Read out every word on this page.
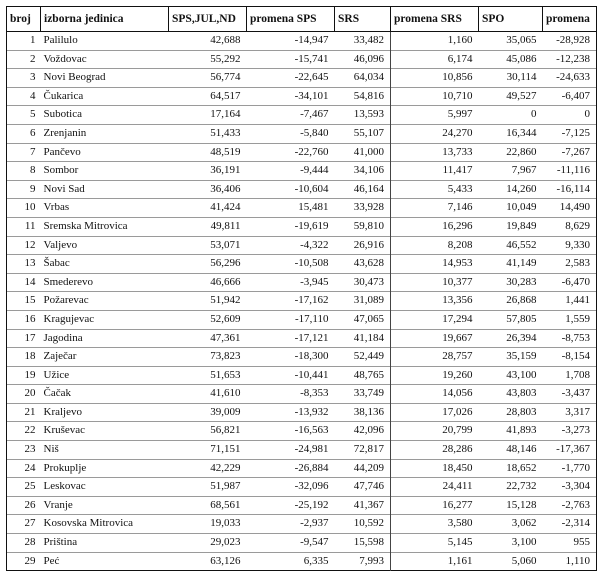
broj	izborna jedinica	SPS,JUL,ND	promena SPS	SRS	promena SRS	SPO	promena
1	Palilulo	42,688	-14,947	33,482	1,160	35,065	-28,928
2	Voždovac	55,292	-15,741	46,096	6,174	45,086	-12,238
3	Novi Beograd	56,774	-22,645	64,034	10,856	30,114	-24,633
4	Čukarica	64,517	-34,101	54,816	10,710	49,527	-6,407
5	Subotica	17,164	-7,467	13,593	5,997	0	0
6	Zrenjanin	51,433	-5,840	55,107	24,270	16,344	-7,125
7	Pančevo	48,519	-22,760	41,000	13,733	22,860	-7,267
8	Sombor	36,191	-9,444	34,106	11,417	7,967	-11,116
9	Novi Sad	36,406	-10,604	46,164	5,433	14,260	-16,114
10	Vrbas	41,424	15,481	33,928	7,146	10,049	14,490
11	Sremska Mitrovica	49,811	-19,619	59,810	16,296	19,849	8,629
12	Valjevo	53,071	-4,322	26,916	8,208	46,552	9,330
13	Šabac	56,296	-10,508	43,628	14,953	41,149	2,583
14	Smederevo	46,666	-3,945	30,473	10,377	30,283	-6,470
15	Požarevac	51,942	-17,162	31,089	13,356	26,868	1,441
16	Kragujevac	52,609	-17,110	47,065	17,294	57,805	1,559
17	Jagodina	47,361	-17,121	41,184	19,667	26,394	-8,753
18	Zaječar	73,823	-18,300	52,449	28,757	35,159	-8,154
19	Užice	51,653	-10,441	48,765	19,260	43,100	1,708
20	Čačak	41,610	-8,353	33,749	14,056	43,803	-3,437
21	Kraljevo	39,009	-13,932	38,136	17,026	28,803	3,317
22	Kruševac	56,821	-16,563	42,096	20,799	41,893	-3,273
23	Niš	71,151	-24,981	72,817	28,286	48,146	-17,367
24	Prokuplje	42,229	-26,884	44,209	18,450	18,652	-1,770
25	Leskovac	51,987	-32,096	47,746	24,411	22,732	-3,304
26	Vranje	68,561	-25,192	41,367	16,277	15,128	-2,763
27	Kosovska Mitrovica	19,033	-2,937	10,592	3,580	3,062	-2,314
28	Priština	29,023	-9,547	15,598	5,145	3,100	955
29	Peć	63,126	6,335	7,993	1,161	5,060	1,110
